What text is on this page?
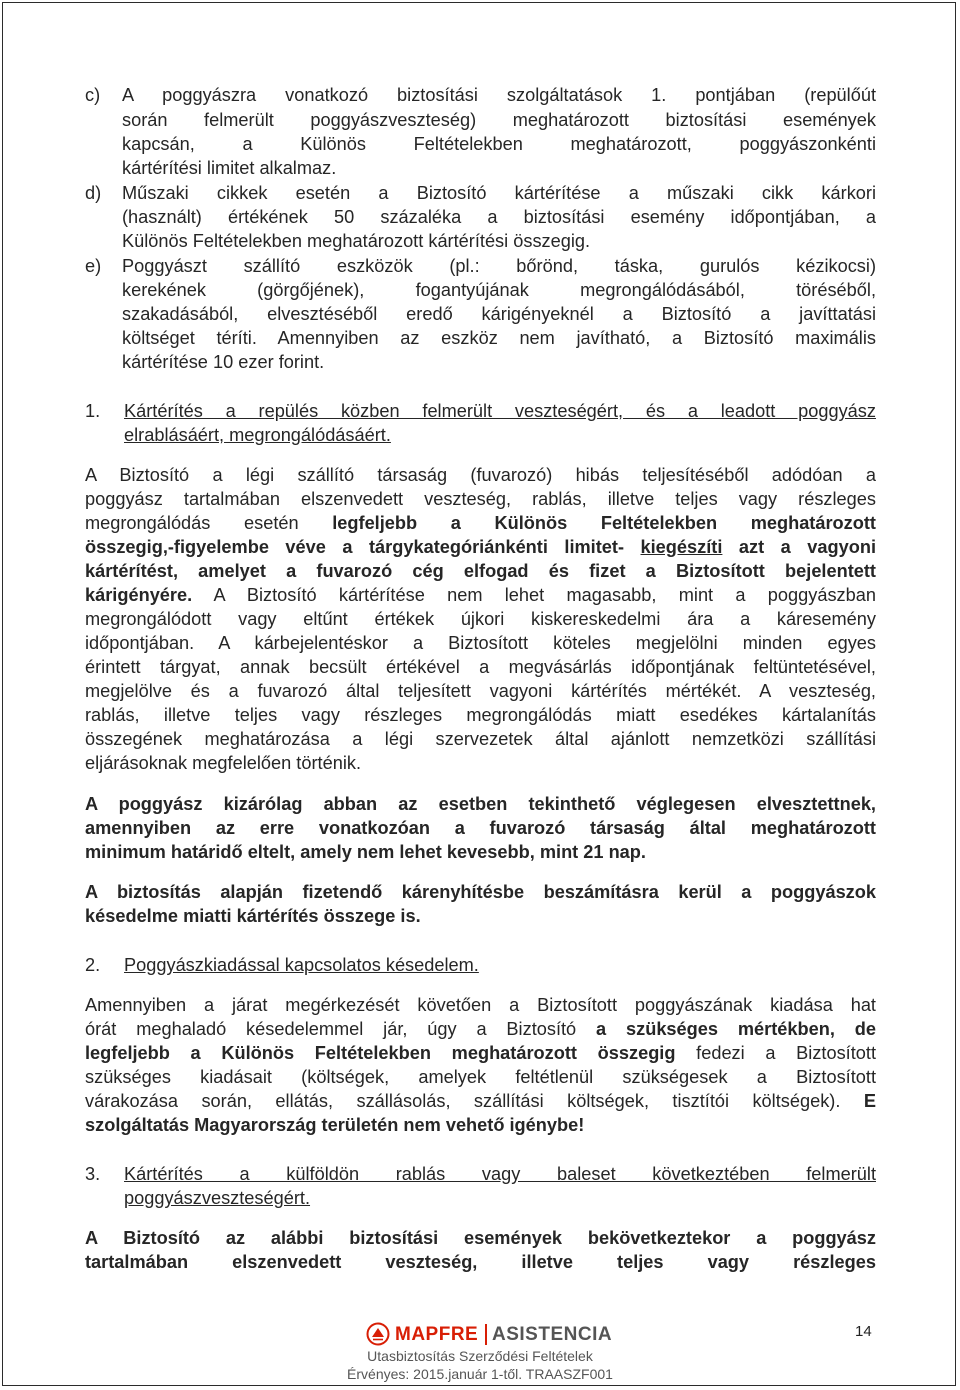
c) A poggyászra vonatkozó biztosítási szolgáltatások 1. pontjában (repülőút
során felmerült poggyászveszteség) meghatározott biztosítási események
kapcsán, a Különös Feltételekben meghatározott, poggyászonkénti
kártérítési limitet alkalmaz.
d) Műszaki cikkek esetén a Biztosító kártérítése a műszaki cikk kárkori
(használt) értékének 50 százaléka a biztosítási esemény időpontjában, a
Különös Feltételekben meghatározott kártérítési összegig.
e) Poggyászt szállító eszközök (pl.: bőrönd, táska, gurulós kézikocsi)
kerekének (görgőjének), fogantyújának megrongálódásából, töréséből,
szakadásából, elvesztéséből eredő kárigényeknél a Biztosító a javíttatási
költséget téríti. Amennyiben az eszköz nem javítható, a Biztosító maximális
kártérítése 10 ezer forint.
1. Kártérítés a repülés közben felmerült veszteségért, és a leadott poggyász
elrablásáért, megrongálódásáért.
A Biztosító a légi szállító társaság (fuvarozó) hibás teljesítéséből adódóan a
poggyász tartalmában elszenvedett veszteség, rablás, illetve teljes vagy részleges
megrongálódás esetén legfeljebb a Különös Feltételekben meghatározott
összegig,-figyelembe véve a tárgykategóriánkénti limitet- kiegészíti azt a vagyoni
kártérítést, amelyet a fuvarozó cég elfogad és fizet a Biztosított bejelentett
kárigényére. A Biztosító kártérítése nem lehet magasabb, mint a poggyászban
megrongálódott vagy eltűnt értékek újkori kiskereskedelmi ára a káresemény
időpontjában. A kárbejelentéskor a Biztosított köteles megjelölni minden egyes
érintett tárgyat, annak becsült értékével a megvásárlás időpontjának feltüntetésével,
megjelölve és a fuvarozó által teljesített vagyoni kártérítés mértékét. A veszteség,
rablás, illetve teljes vagy részleges megrongálódás miatt esedékes kártalanítás
összegének meghatározása a légi szervezetek által ajánlott nemzetközi szállítási
eljárásoknak megfelelően történik.
A poggyász kizárólag abban az esetben tekinthető véglegesen elvesztettnek,
amennyiben az erre vonatkozóan a fuvarozó társaság által meghatározott
minimum határidő eltelt, amely nem lehet kevesebb, mint 21 nap.
A biztosítás alapján fizetendő kárenyhítésbe beszámításra kerül a poggyászok
késedelme miatti kártérítés összege is.
2. Poggyászkiadással kapcsolatos késedelem.
Amennyiben a járat megérkezését követően a Biztosított poggyászának kiadása hat
órát meghaladó késedelemmel jár, úgy a Biztosító a szükséges mértékben, de
legfeljebb a Különös Feltételekben meghatározott összegig fedezi a Biztosított
szükséges kiadásait (költségek, amelyek feltétlenül szükségesek a Biztosított
várakozása során, ellátás, szállásolás, szállítási költségek, tisztítói költségek). E
szolgáltatás Magyarország területén nem vehető igénybe!
3. Kártérítés a külföldön rablás vagy baleset következtében felmerült
poggyászveszteségért.
A Biztosító az alábbi biztosítási események bekövetkeztekor a poggyász
tartalmában elszenvedett veszteség, illetve teljes vagy részleges
MAPFRE ASISTENCIA	14
Utasbiztosítás Szerződési Feltételek
Érvényes: 2015.január 1-től. TRAASZF001
